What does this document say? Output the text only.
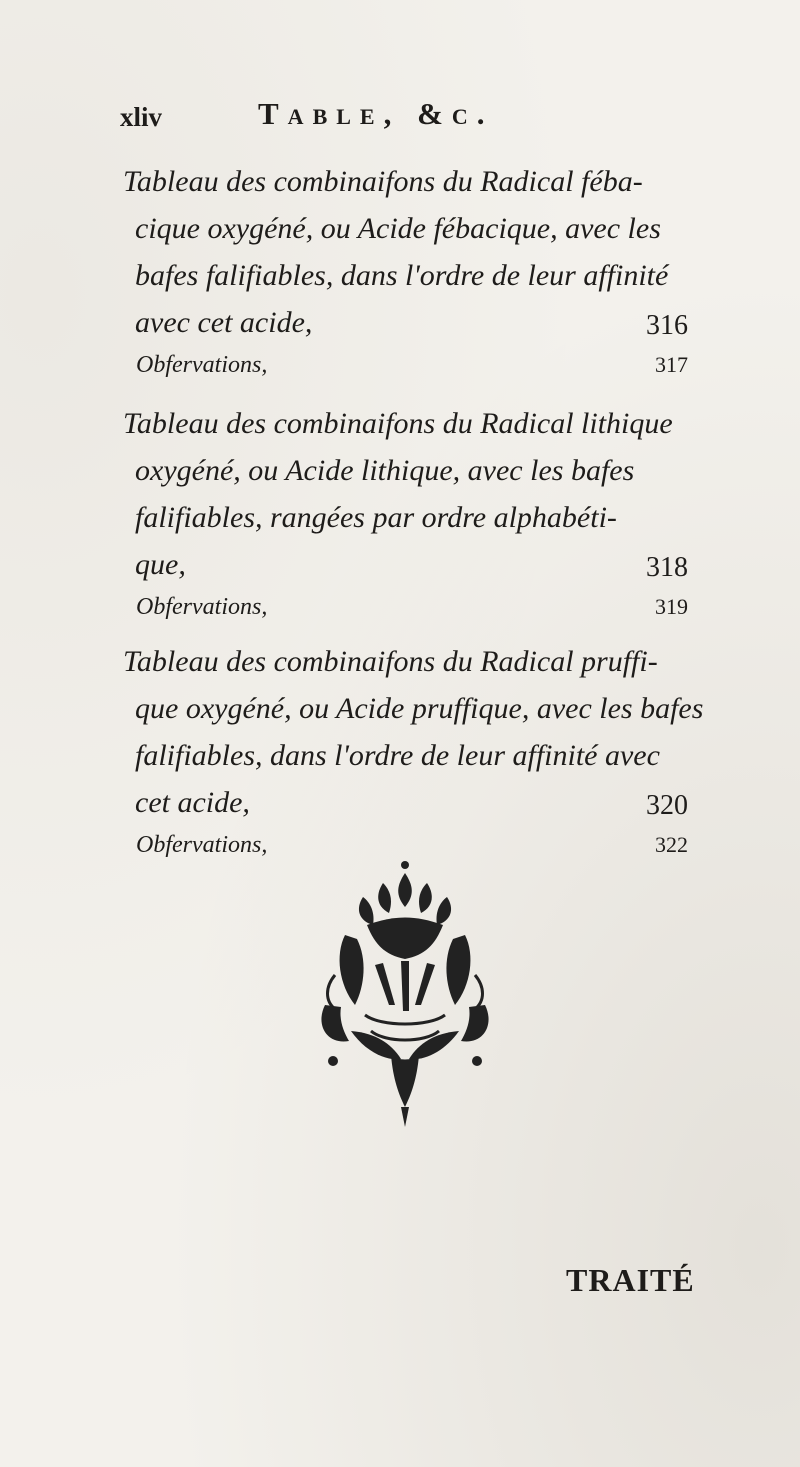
xliv	Table, &c.
Tableau des combinaifons du Radical féba-
cique oxygéné, ou Acide fébacique, avec les
bafes falifiables, dans l'ordre de leur affinité
avec cet acide,	316
Obfervations,	317
Tableau des combinaifons du Radical lithique
oxygéné, ou Acide lithique, avec les bafes
falifiables, rangées par ordre alphabéti-
que,	318
Obfervations,	319
Tableau des combinaifons du Radical pruffi-
que oxygéné, ou Acide pruffique, avec les bafes
falifiables, dans l'ordre de leur affinité avec
cet acide,	320
Obfervations,	322
TRAITÉ
